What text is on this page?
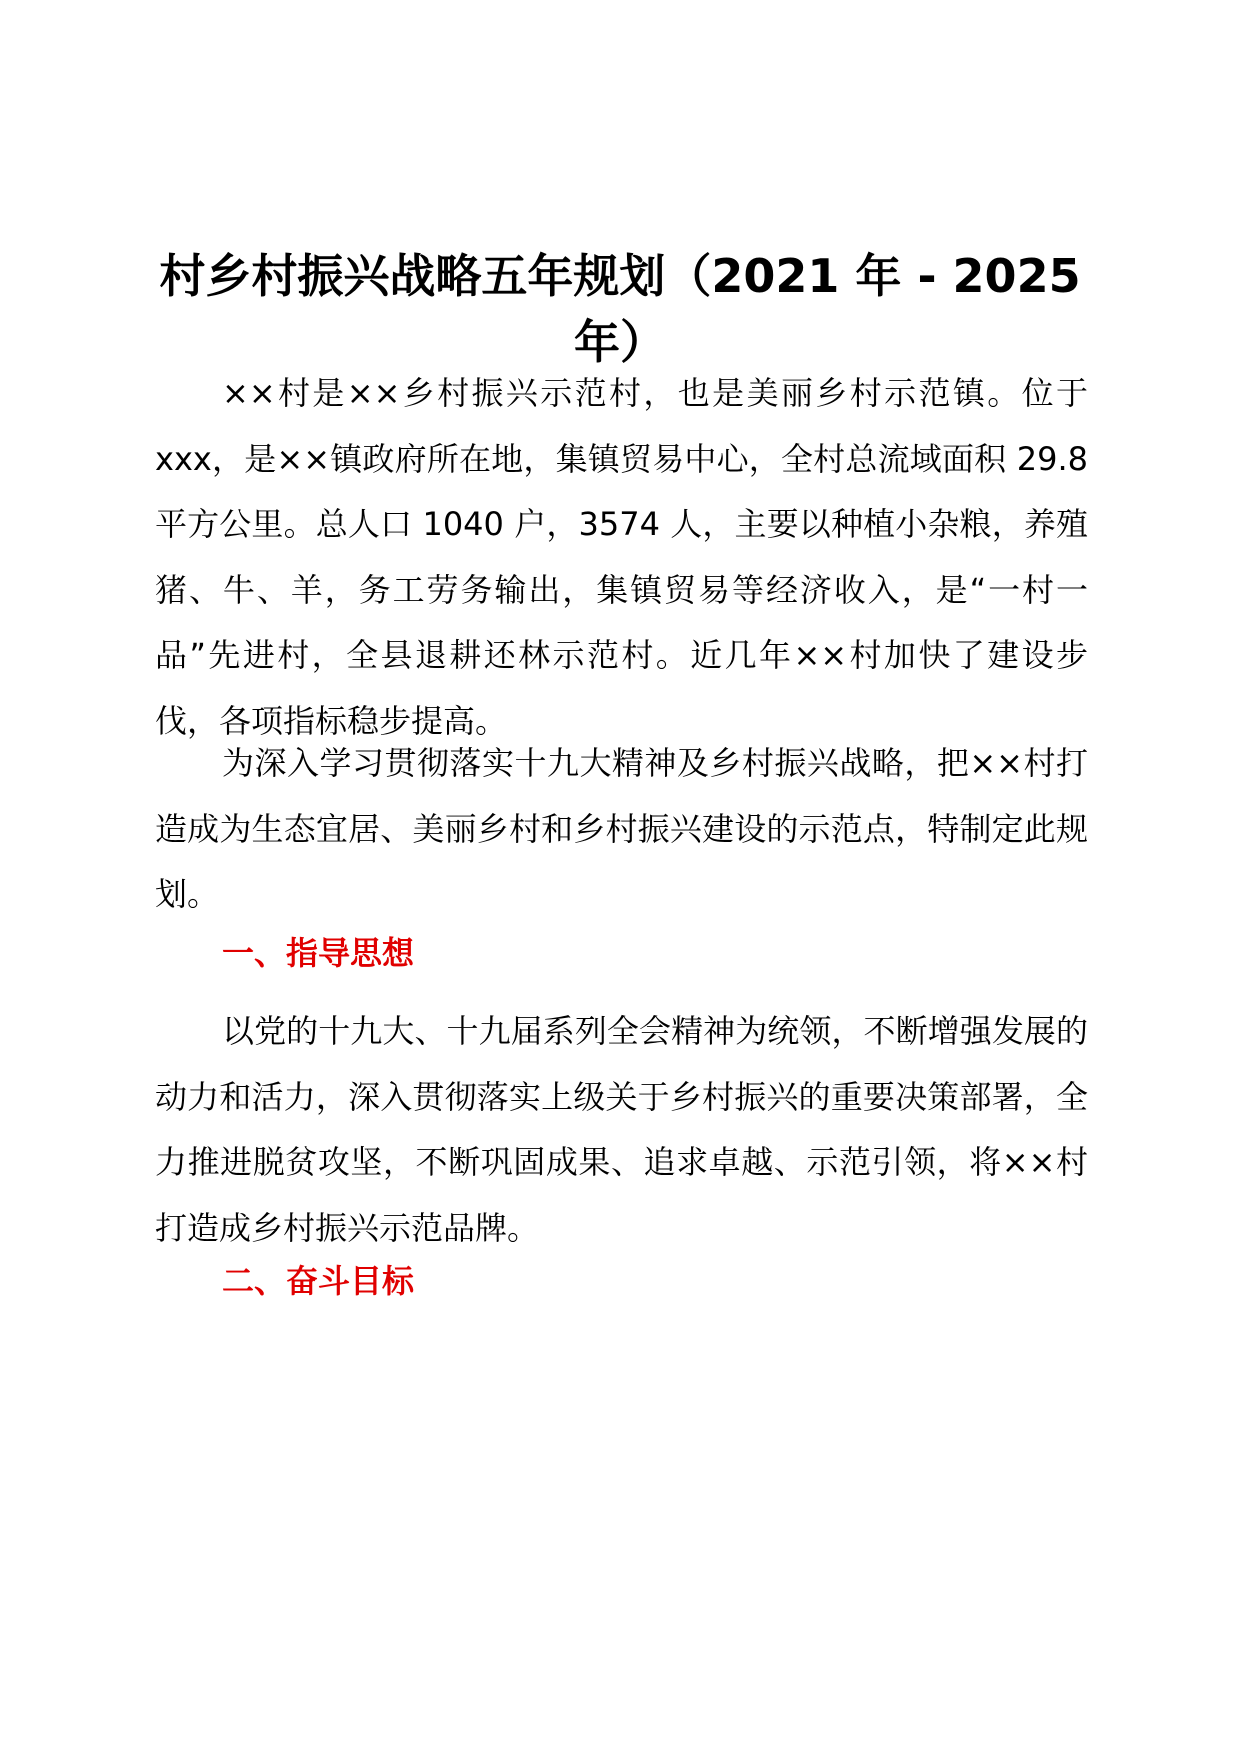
村乡村振兴战略五年规划（2021 年 - 2025 年）

××村是××乡村振兴示范村，也是美丽乡村示范镇。位于 xxx，是××镇政府所在地，集镇贸易中心，全村总流域面积 29.8 平方公里。总人口 1040 户，3574 人，主要以种植小杂粮，养殖猪、牛、羊，务工劳务输出，集镇贸易等经济收入，是“一村一品”先进村，全县退耕还林示范村。近几年××村加快了建设步伐，各项指标稳步提高。

为深入学习贯彻落实十九大精神及乡村振兴战略，把××村打造成为生态宜居、美丽乡村和乡村振兴建设的示范点，特制定此规划。

一、指导思想

以党的十九大、十九届系列全会精神为统领，不断增强发展的动力和活力，深入贯彻落实上级关于乡村振兴的重要决策部署，全力推进脱贫攻坚，不断巩固成果、追求卓越、示范引领，将××村打造成乡村振兴示范品牌。

二、奋斗目标
